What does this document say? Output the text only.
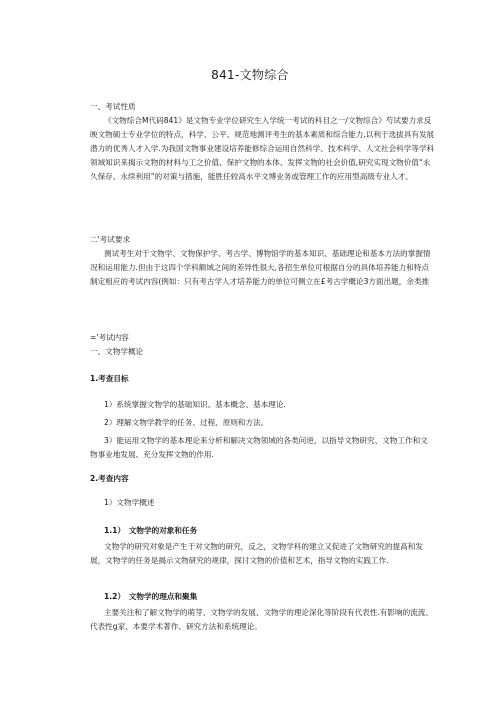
841-文物综合

一、考试性质

《文物综合M代码841》是文物专业学位研究生入学统一考试的科目之一/文物综合》芍试要力求反映文物硕士专业学位的特点，科学、公平、规范地测评考生的基本素质和综合能力,以利于选拔具有发展潜力的优秀人才入学.为我国文物事业建设培养能修综合运用自然科学、技术科学、人文社会科学等学科领域知识来揭示文物的材料与工之价值、保护文物的本体、发挥文物的社会价值,研究实现文物价值“永久保存、永续利用”的对策与措施，能胜任较高水平文博业务或管理工作的应用型高级专业人才。

二'考试要求

测试考生对于文物学、文物保护学、考古学、博物馆学的基本知识、基础理论和基本方法的掌握情况和运用能力.但由于这四个学科额域之间的差异性很大,各招生单位可根据自分的具体培养能力和特点制定相应的考试内容(例如：只有考古学人才培养能力的单位可侧立在£考古学概论3方面出题，余类推

='考试内容

一、文物学概论

1.考查目标

1）系统掌握文物学的基础知识、基本概念、基本理论.

2）理解文物学教学的任务、过程、原则和方法。

3）能运用文物学的基本理论来分析和解决文物领域的各类问逆，以指导文物研究、文物工作和文物事业地发展、充分发挥文物的作用.

2.考查内容

1）文物学概述

1.1）　文物学的对象和任务

文物学的研究对象是产生于对文物的研究，反之，文物学科的建立又促进了文物研究的提高和发展，文物学的任务是揭示文物研究的规律，探讨文物的价值和艺术，指导文物的实践工作.

1.2）　文物学的理点和聚集

主要关注和了解文物学的萌芽、文物学的发展、文物学的理论深化等阶段有代表性.有影响的流流、代表性g家、本要学术著作、研究方法和系统理论。
